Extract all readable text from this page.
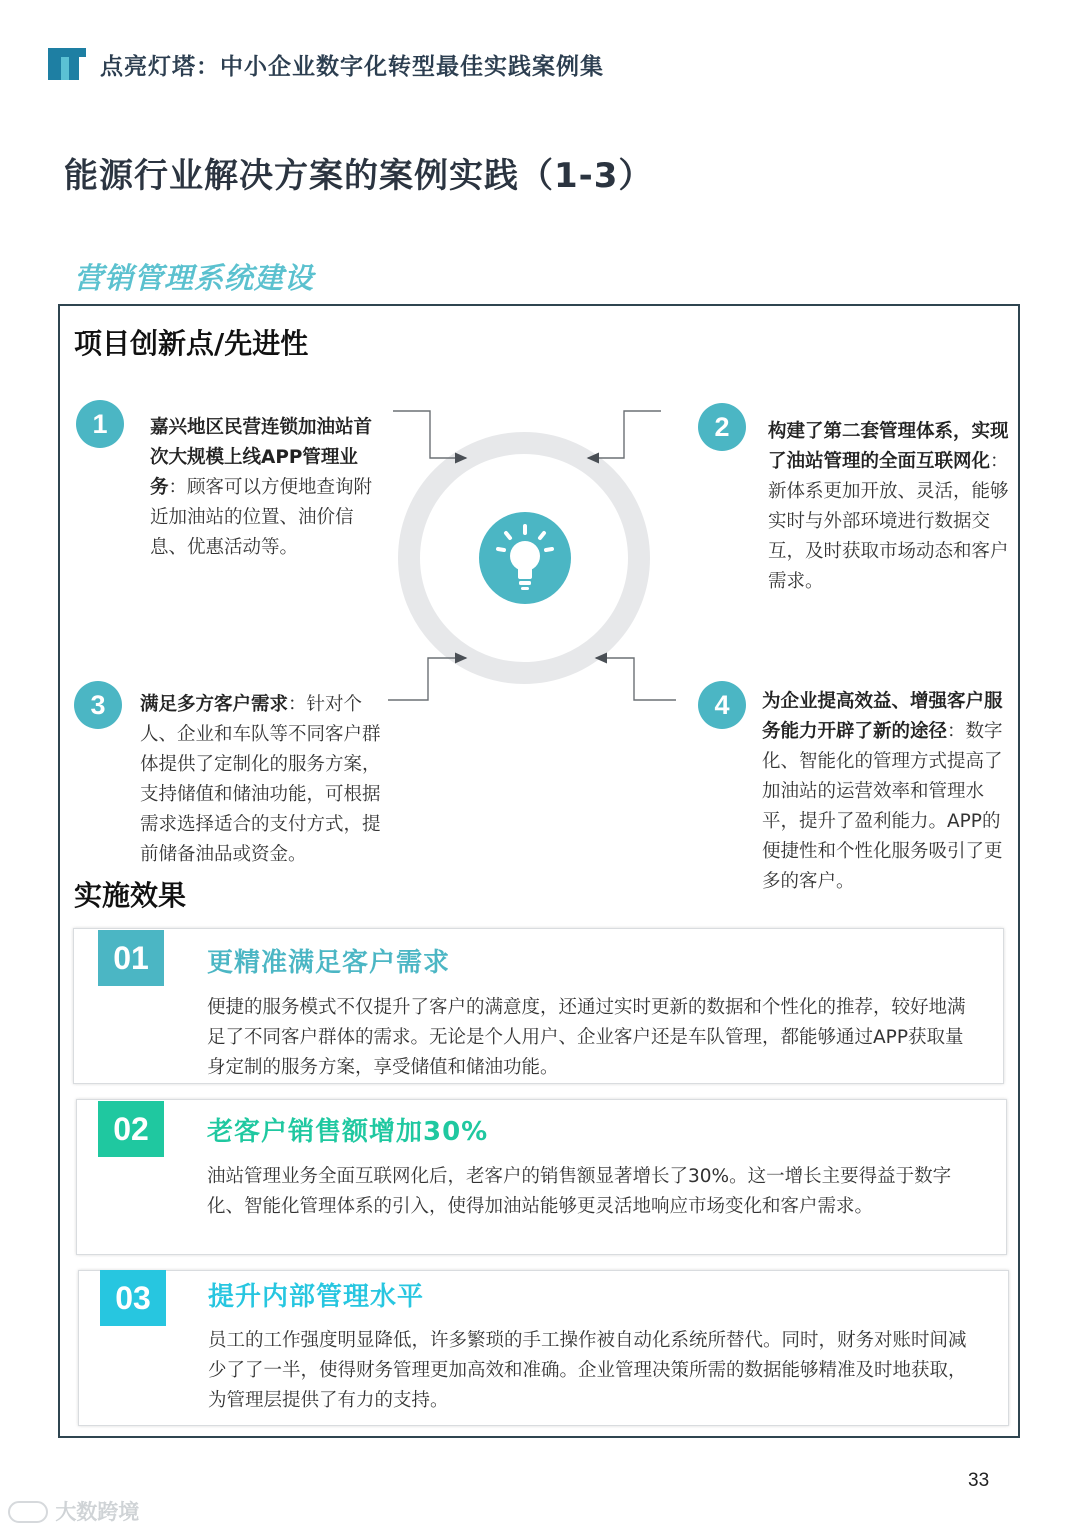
点亮灯塔：中小企业数字化转型最佳实践案例集
能源行业解决方案的案例实践（1-3）
营销管理系统建设
项目创新点/先进性
1	嘉兴地区民营连锁加油站首次大规模上线APP管理业务：顾客可以方便地查询附近加油站的位置、油价信息、优惠活动等。
2	构建了第二套管理体系，实现了油站管理的全面互联网化：新体系更加开放、灵活，能够实时与外部环境进行数据交互，及时获取市场动态和客户需求。
3	满足多方客户需求：针对个人、企业和车队等不同客户群体提供了定制化的服务方案，支持储值和储油功能，可根据需求选择适合的支付方式，提前储备油品或资金。
4	为企业提高效益、增强客户服务能力开辟了新的途径：数字化、智能化的管理方式提高了加油站的运营效率和管理水平，提升了盈利能力。APP的便捷性和个性化服务吸引了更多的客户。
实施效果
01	更精准满足客户需求
便捷的服务模式不仅提升了客户的满意度，还通过实时更新的数据和个性化的推荐，较好地满足了不同客户群体的需求。无论是个人用户、企业客户还是车队管理，都能够通过APP获取量身定制的服务方案，享受储值和储油功能。
02	老客户销售额增加30%
油站管理业务全面互联网化后，老客户的销售额显著增长了30%。这一增长主要得益于数字化、智能化管理体系的引入，使得加油站能够更灵活地响应市场变化和客户需求。
03	提升内部管理水平
员工的工作强度明显降低，许多繁琐的手工操作被自动化系统所替代。同时，财务对账时间减少了了一半，使得财务管理更加高效和准确。企业管理决策所需的数据能够精准及时地获取，为管理层提供了有力的支持。
33
大数跨境
